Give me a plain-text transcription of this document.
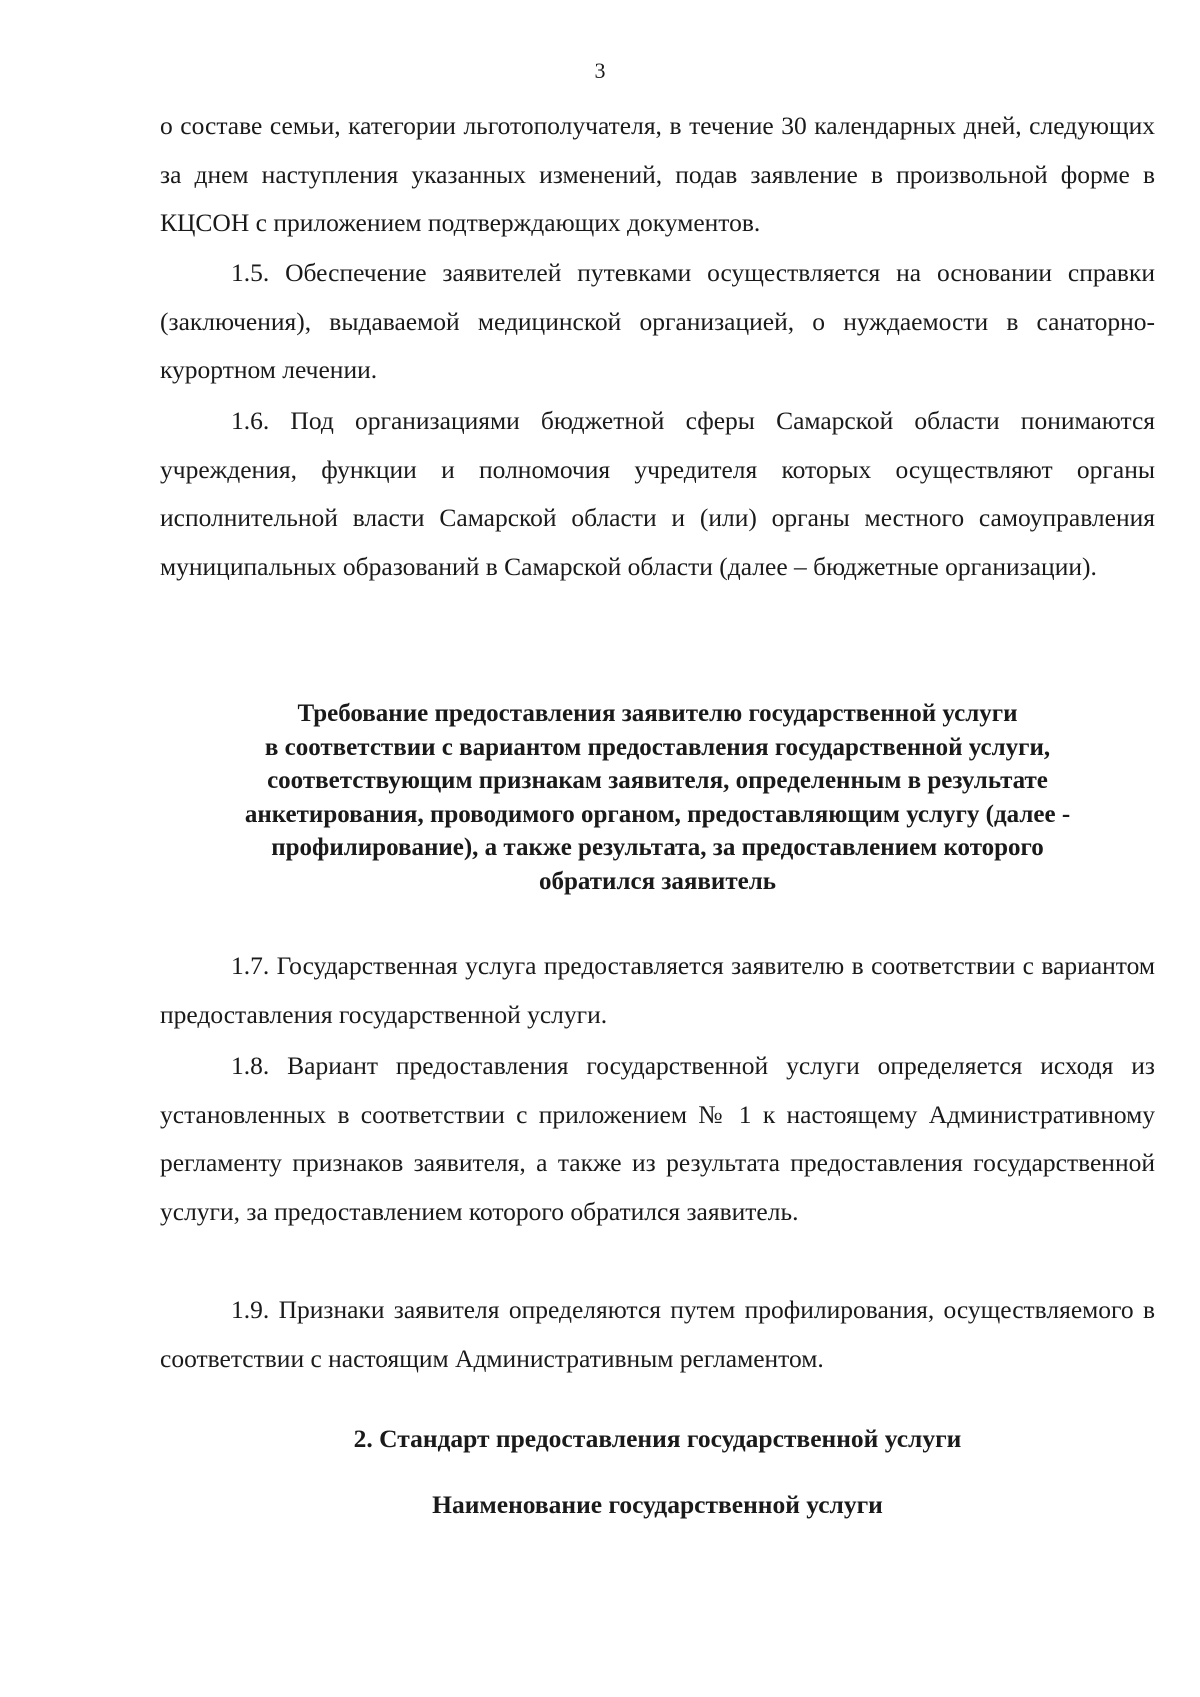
3

о составе семьи, категории льготополучателя, в течение 30 календарных дней, следующих за днем наступления указанных изменений, подав заявление в произвольной форме в КЦСОН с приложением подтверждающих документов.

1.5. Обеспечение заявителей путевками осуществляется на основании справки (заключения), выдаваемой медицинской организацией, о нуждаемости в санаторно-курортном лечении.

1.6. Под организациями бюджетной сферы Самарской области понимаются учреждения, функции и полномочия учредителя которых осуществляют органы исполнительной власти Самарской области и (или) органы местного самоуправления муниципальных образований в Самарской области (далее – бюджетные организации).

Требование предоставления заявителю государственной услуги
в соответствии с вариантом предоставления государственной услуги,
соответствующим признакам заявителя, определенным в результате
анкетирования, проводимого органом, предоставляющим услугу (далее -
профилирование), а также результата, за предоставлением которого
обратился заявитель

1.7. Государственная услуга предоставляется заявителю в соответствии с вариантом предоставления государственной услуги.

1.8. Вариант предоставления государственной услуги определяется исходя из установленных в соответствии с приложением № 1 к настоящему Административному регламенту признаков заявителя, а также из результата предоставления государственной услуги, за предоставлением которого обратился заявитель.

1.9. Признаки заявителя определяются путем профилирования, осуществляемого в соответствии с настоящим Административным регламентом.

2. Стандарт предоставления государственной услуги
Наименование государственной услуги
